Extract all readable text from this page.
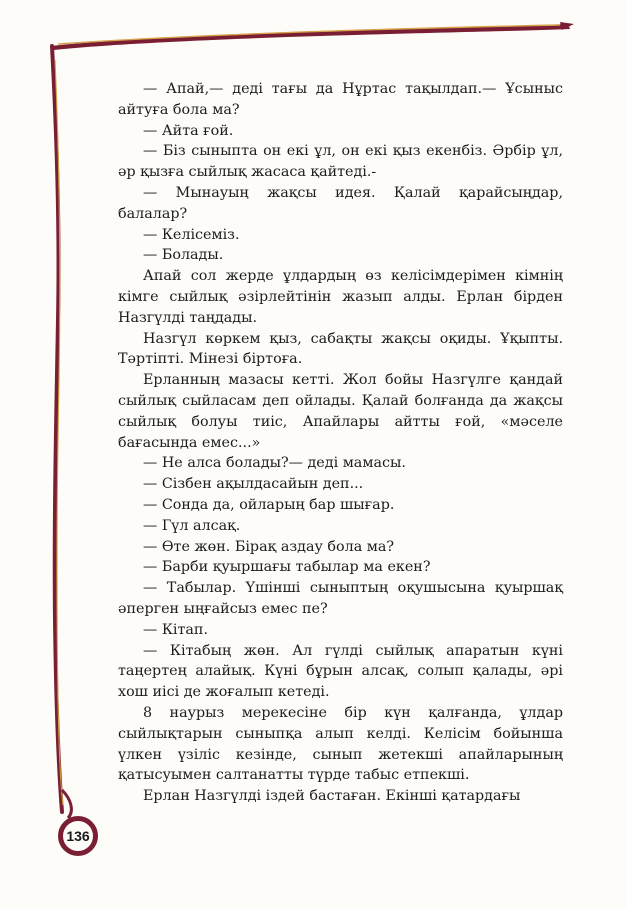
— Апай,— деді тағы да Нұртас тақылдап.— Ұсыныс айтуға бола ма?

— Айта ғой.

— Біз сыныпта он екі ұл, он екі қыз екенбіз. Әрбір ұл, әр қызға сыйлық жасаса қайтеді.-

— Мынауың жақсы идея. Қалай қарайсыңдар, балалар?

— Келісеміз.

— Болады.

Апай сол жерде ұлдардың өз келісімдерімен кімнің кімге сыйлық әзірлейтінін жазып алды. Ерлан бірден Назгүлді таңдады.

Назгүл көркем қыз, сабақты жақсы оқиды. Ұқыпты. Тәртіпті. Мінезі біртоға.

Ерланның мазасы кетті. Жол бойы Назгүлге қандай сыйлық сыйласам деп ойлады. Қалай болғанда да жақсы сыйлық болуы тиіс, Апайлары айтты ғой, «мәселе бағасында емес...»

— Не алса болады?— деді мамасы.

— Сізбен ақылдасайын деп...

— Сонда да, ойларың бар шығар.

— Гүл алсақ.

— Өте жөн. Бірақ аздау бола ма?

— Барби қуыршағы табылар ма екен?

— Табылар. Үшінші сыныптың оқушысына қуыршақ әперген ыңғайсыз емес пе?

— Кітап.

— Кітабың жөн. Ал гүлді сыйлық апаратын күні таңертең алайық. Күні бұрын алсақ, солып қалады, әрі хош иісі де жоғалып кетеді.

8 наурыз мерекесіне бір күн қалғанда, ұлдар сыйлықтарын сыныпқа алып келді. Келісім бойынша үлкен үзіліс кезінде, сынып жетекші апайларының қатысуымен салтанатты түрде табыс етпекші.

Ерлан Назгүлді іздей бастаған. Екінші қатардағы

136
